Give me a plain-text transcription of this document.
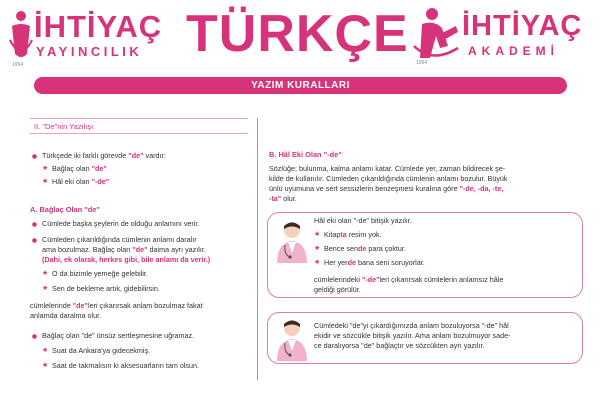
İHTİYAÇ
YAYINCILIK
1994
TÜRKÇE İHTİYAÇ
AKADEMİ
1994
YAZIM KURALLARI
II. "De"nin Yazılışı
Türkçede iki farklı görevde "de" vardır:
★ Bağlaç olan "de"
★ Hâl eki olan "-de"
A. Bağlaç Olan "de"
Cümlede başka şeylerin de olduğu anlamını verir.
Cümleden çıkarıldığında cümlenin anlamı daralır
ama bozulmaz. Bağlaç olan "de" daima ayrı yazılır.
(Dahi, ek olarak, herkes gibi, bile anlamı da verir.)
★ O da bizimle yemeğe gelebilir.
★ Sen de bekleme artık, gidebilirsin.
cümlelerinde "de"leri çıkarırsak anlam bozulmaz fakat
anlamda daralma olur.
Bağlaç olan "de" ünsüz sertleşmesine uğramaz.
★ Suat da Ankara'ya gidecekmiş.
★ Saat de takmalısın ki aksesuarların tam olsun.
B. Hâl Eki Olan "-de"
Sözlüğe; bulunma, kalma anlamı katar. Cümlede yer, zaman bildirecek şe-
kilde de kullanılır. Cümleden çıkarıldığında cümlenin anlamı bozulur. Büyük
ünlü uyumuna ve sert sessizlerin benzeşmesi kuralına göre "-de, -da, -te,
-ta" olur.
Hâl eki olan "-de" bitişik yazılır.
★ Kitapta resim yok.
★ Bence sende para çoktur.
★ Her yerde bana seni soruyorlar.
cümlelerindeki "-de"leri çıkarırsak cümlelerin anlamsız hâle
geldiği görülür.
Cümledeki "de"yi çıkardığımızda anlam bozuluyorsa "-de" hâl
ekidir ve sözcükle bitişik yazılır. Ama anlam bozulmuyor sade-
ce daralıyorsa "de" bağlaçtır ve sözcükten ayrı yazılır.
